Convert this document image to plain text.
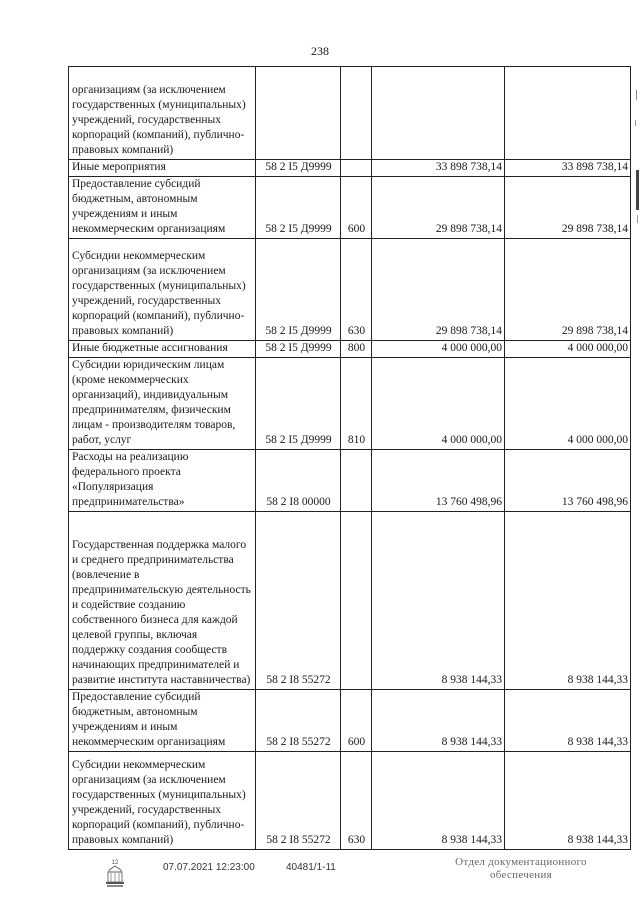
238
организациям (за исключением государственных (муниципальных) учреждений, государственных корпораций (компаний), публично-правовых компаний)				
Иные мероприятия	58 2 I5 Д9999		33 898 738,14	33 898 738,14
Предоставление субсидий бюджетным, автономным учреждениям и иным некоммерческим организациям	58 2 I5 Д9999	600	29 898 738,14	29 898 738,14
Субсидии некоммерческим организациям (за исключением государственных (муниципальных) учреждений, государственных корпораций (компаний), публично-правовых компаний)	58 2 I5 Д9999	630	29 898 738,14	29 898 738,14
Иные бюджетные ассигнования	58 2 I5 Д9999	800	4 000 000,00	4 000 000,00
Субсидии юридическим лицам (кроме некоммерческих организаций), индивидуальным предпринимателям, физическим лицам - производителям товаров, работ, услуг	58 2 I5 Д9999	810	4 000 000,00	4 000 000,00
Расходы на реализацию федерального проекта «Популяризация предпринимательства»	58 2 I8 00000		13 760 498,96	13 760 498,96
Государственная поддержка малого и среднего предпринимательства (вовлечение в предпринимательскую деятельность и содействие созданию собственного бизнеса для каждой целевой группы, включая поддержку создания сообществ начинающих предпринимателей и развитие института наставничества)	58 2 I8 55272		8 938 144,33	8 938 144,33
Предоставление субсидий бюджетным, автономным учреждениям и иным некоммерческим организациям	58 2 I8 55272	600	8 938 144,33	8 938 144,33
Субсидии некоммерческим организациям (за исключением государственных (муниципальных) учреждений, государственных корпораций (компаний), публично-правовых компаний)	58 2 I8 55272	630	8 938 144,33	8 938 144,33
12	07.07.2021 12:23:00	40481/1-11	Отдел документационного
обеспечения
